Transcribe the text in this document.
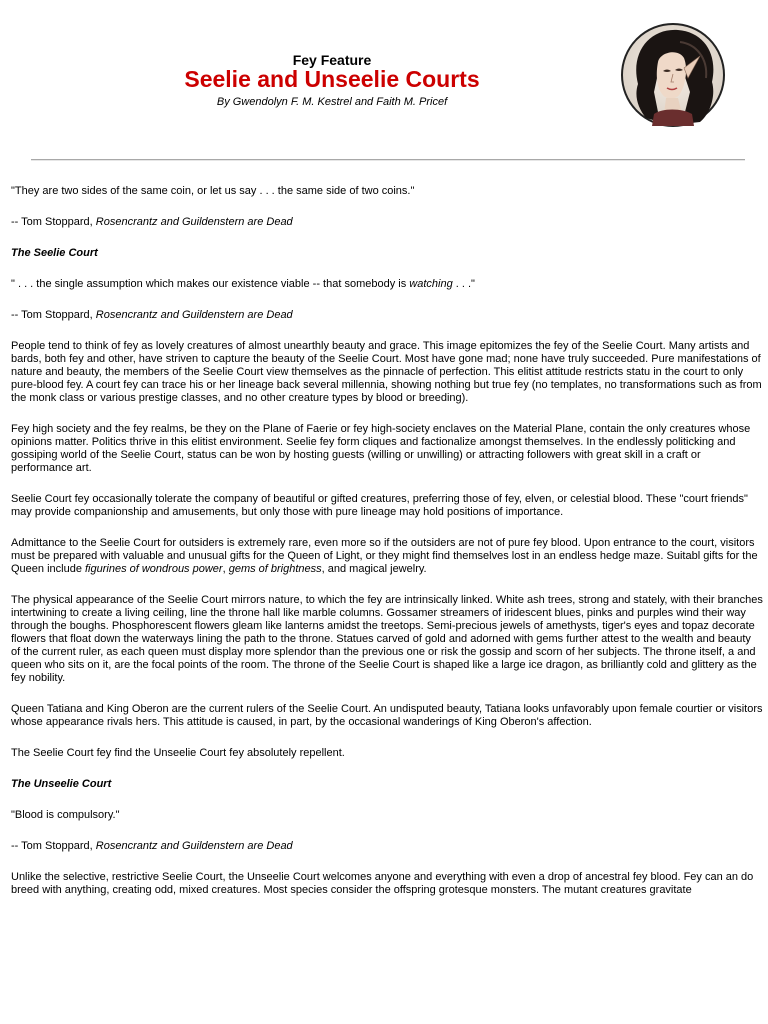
Fey Feature
Seelie and Unseelie Courts
By Gwendolyn F. M. Kestrel and Faith M. Pricef

"They are two sides of the same coin, or let us say . . . the same side of two coins."

-- Tom Stoppard, Rosencrantz and Guildenstern are Dead

The Seelie Court

" . . . the single assumption which makes our existence viable -- that somebody is watching . . ."

-- Tom Stoppard, Rosencrantz and Guildenstern are Dead

People tend to think of fey as lovely creatures of almost unearthly beauty and grace. This image epitomizes the fey of the Seelie Court. Many artists and bards, both fey and other, have striven to capture the beauty of the Seelie Court. Most have gone mad; none have truly succeeded. Pure manifestations of nature and beauty, the members of the Seelie Court view themselves as the pinnacle of perfection. This elitist attitude restricts statu in the court to only pure-blood fey. A court fey can trace his or her lineage back several millennia, showing nothing but true fey (no templates, no transformations such as from the monk class or various prestige classes, and no other creature types by blood or breeding).

Fey high society and the fey realms, be they on the Plane of Faerie or fey high-society enclaves on the Material Plane, contain the only creatures whose opinions matter. Politics thrive in this elitist environment. Seelie fey form cliques and factionalize amongst themselves. In the endlessly politicking and gossiping world of the Seelie Court, status can be won by hosting guests (willing or unwilling) or attracting followers with great skill in a craft or performance art.

Seelie Court fey occasionally tolerate the company of beautiful or gifted creatures, preferring those of fey, elven, or celestial blood. These "court friends" may provide companionship and amusements, but only those with pure lineage may hold positions of importance.

Admittance to the Seelie Court for outsiders is extremely rare, even more so if the outsiders are not of pure fey blood. Upon entrance to the court, visitors must be prepared with valuable and unusual gifts for the Queen of Light, or they might find themselves lost in an endless hedge maze. Suitabl gifts for the Queen include figurines of wondrous power, gems of brightness, and magical jewelry.

The physical appearance of the Seelie Court mirrors nature, to which the fey are intrinsically linked. White ash trees, strong and stately, with their branches intertwining to create a living ceiling, line the throne hall like marble columns. Gossamer streamers of iridescent blues, pinks and purples wind their way through the boughs. Phosphorescent flowers gleam like lanterns amidst the treetops. Semi-precious jewels of amethysts, tiger's eyes and topaz decorate flowers that float down the waterways lining the path to the throne. Statues carved of gold and adorned with gems further attest to the wealth and beauty of the current ruler, as each queen must display more splendor than the previous one or risk the gossip and scorn of her subjects. The throne itself, a and queen who sits on it, are the focal points of the room. The throne of the Seelie Court is shaped like a large ice dragon, as brilliantly cold and glittery as the fey nobility.

Queen Tatiana and King Oberon are the current rulers of the Seelie Court. An undisputed beauty, Tatiana looks unfavorably upon female courtier or visitors whose appearance rivals hers. This attitude is caused, in part, by the occasional wanderings of King Oberon's affection.

The Seelie Court fey find the Unseelie Court fey absolutely repellent.

The Unseelie Court

"Blood is compulsory."

-- Tom Stoppard, Rosencrantz and Guildenstern are Dead

Unlike the selective, restrictive Seelie Court, the Unseelie Court welcomes anyone and everything with even a drop of ancestral fey blood. Fey can an do breed with anything, creating odd, mixed creatures. Most species consider the offspring grotesque monsters. The mutant creatures gravitate
